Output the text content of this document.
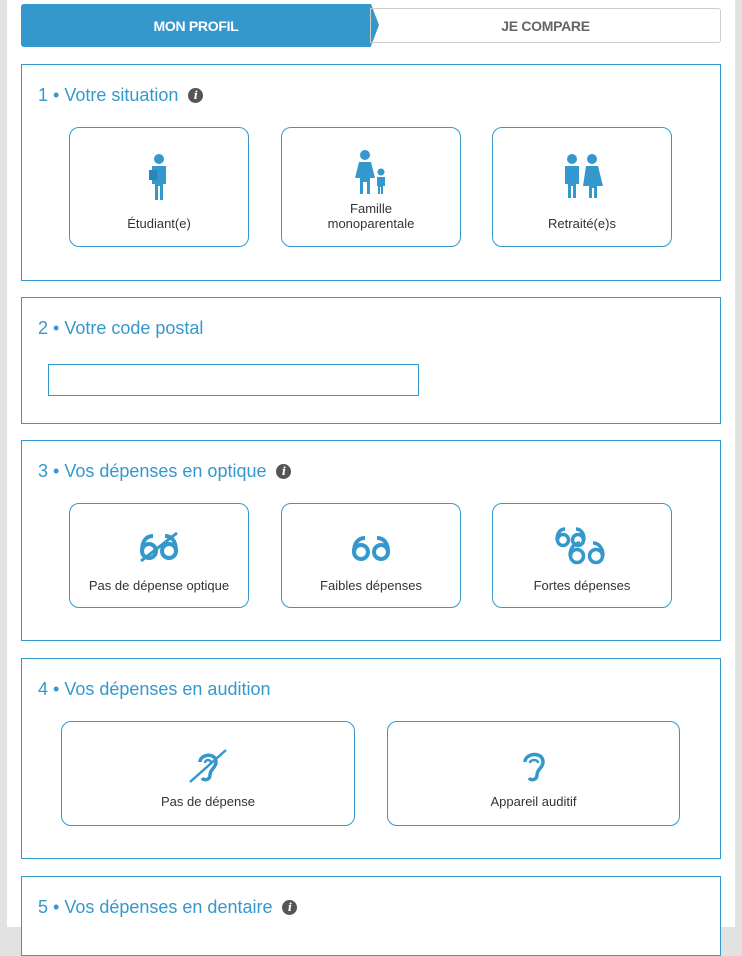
MON PROFIL	JE COMPARE
1 • Votre situation	i
Étudiant(e)
Famille monoparentale	Retraité(e)s
2 • Votre code postal
3 • Vos dépenses en optique	i
Pas de dépense optique	Faibles dépenses	Fortes dépenses
4 • Vos dépenses en audition
Pas de dépense	Appareil auditif
5 • Vos dépenses en dentaire	i
